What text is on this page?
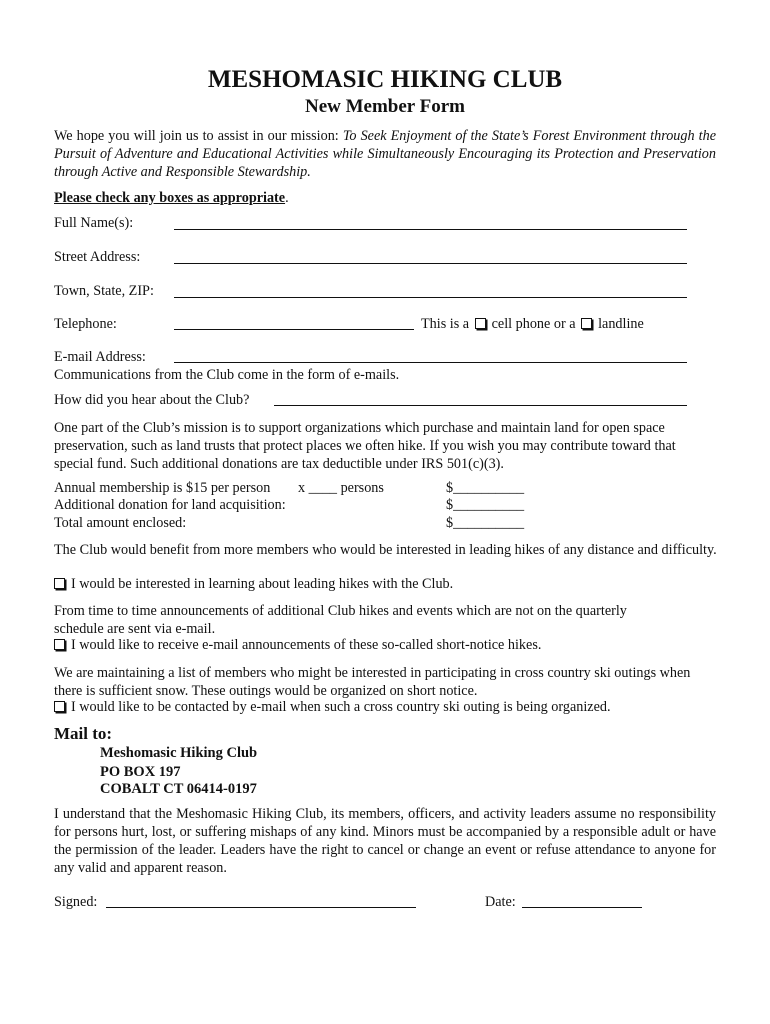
MESHOMASIC HIKING CLUB
New Member Form
We hope you will join us to assist in our mission: To Seek Enjoyment of the State’s Forest Environment through the Pursuit of Adventure and Educational Activities while Simultaneously Encouraging its Protection and Preservation through Active and Responsible Stewardship.
Please check any boxes as appropriate.
Full Name(s):
Street Address:
Town, State, ZIP:
Telephone:	This is a cell phone or a landline
E-mail Address:
Communications from the Club come in the form of e-mails.
How did you hear about the Club?
One part of the Club’s mission is to support organizations which purchase and maintain land for open space preservation, such as land trusts that protect places we often hike. If you wish you may contribute toward that special fund. Such additional donations are tax deductible under IRS 501(c)(3).
Annual membership is $15 per person x ____ persons	$__________
Additional donation for land acquisition:	$__________
Total amount enclosed:	$__________
The Club would benefit from more members who would be interested in leading hikes of any distance and difficulty.
I would be interested in learning about leading hikes with the Club.
From time to time announcements of additional Club hikes and events which are not on the quarterly schedule are sent via e-mail.
I would like to receive e-mail announcements of these so-called short-notice hikes.
We are maintaining a list of members who might be interested in participating in cross country ski outings when there is sufficient snow. These outings would be organized on short notice.
I would like to be contacted by e-mail when such a cross country ski outing is being organized.
Mail to:
Meshomasic Hiking Club
PO BOX 197
COBALT CT 06414-0197
I understand that the Meshomasic Hiking Club, its members, officers, and activity leaders assume no responsibility for persons hurt, lost, or suffering mishaps of any kind. Minors must be accompanied by a responsible adult or have the permission of the leader. Leaders have the right to cancel or change an event or refuse attendance to anyone for any valid and apparent reason.
Signed:	Date:
